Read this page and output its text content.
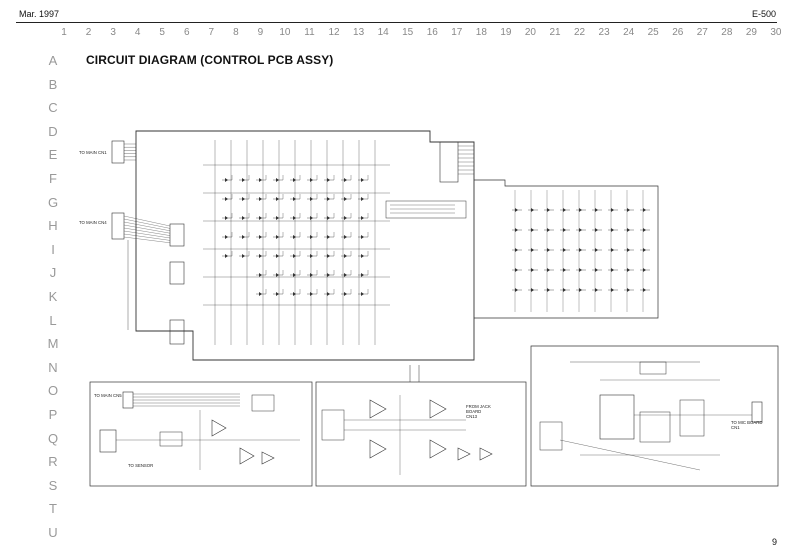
Mar. 1997	E-500
1	2	3	4	5	6	7	8	9	10	11	12	13	14	15	16	17	18	19	20	21	22	23	24	25	26	27	28	29	30
A
B
C
D
E
F
G
H
I
J
K
L
M
N
O
P
Q
R
S
T
U
CIRCUIT DIAGRAM (CONTROL PCB ASSY)
TO MAIN CN1
TO MAIN CN4
TO MAIN CN5
TO SENSOR
FROM JACK BOARD CN13
TO MIC BOARD CN1
9
